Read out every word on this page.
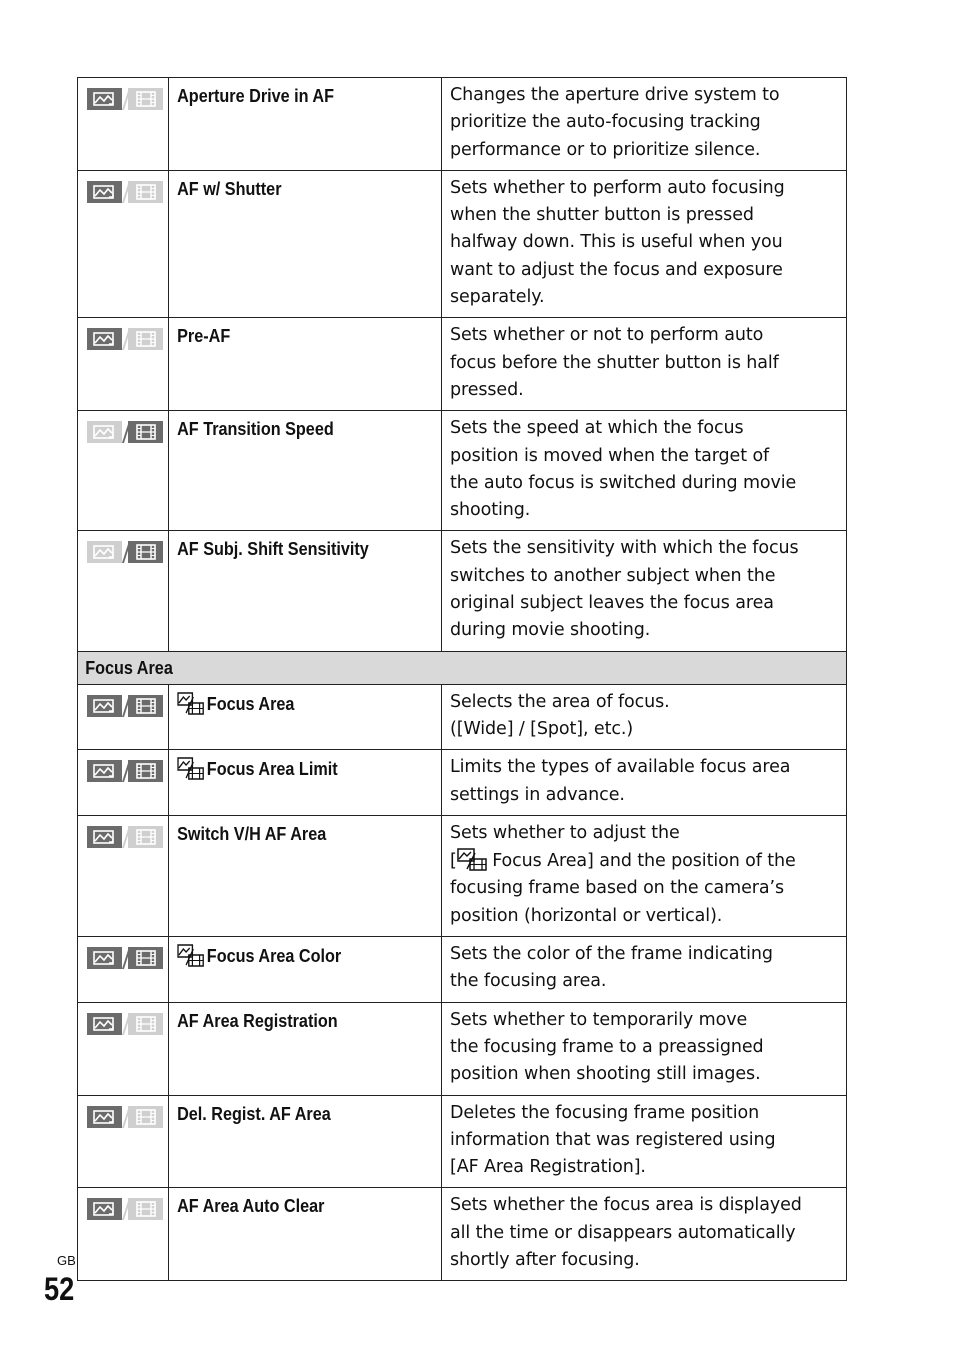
Aperture Drive in AF	Changes the aperture drive system to
prioritize the auto-focusing tracking
performance or to prioritize silence.

AF w/ Shutter	Sets whether to perform auto focusing
when the shutter button is pressed
halfway down. This is useful when you
want to adjust the focus and exposure
separately.

Pre-AF	Sets whether or not to perform auto
focus before the shutter button is half
pressed.

AF Transition Speed	Sets the speed at which the focus
position is moved when the target of
the auto focus is switched during movie
shooting.

AF Subj. Shift Sensitivity	Sets the sensitivity with which the focus
switches to another subject when the
original subject leaves the focus area
during movie shooting.

Focus Area		

Focus Area	Selects the area of focus.
([Wide] / [Spot], etc.)

Focus Area Limit	Limits the types of available focus area
settings in advance.

Switch V/H AF Area	Sets whether to adjust the
[ Focus Area] and the position of the
focusing frame based on the camera’s
position (horizontal or vertical).

Focus Area Color	Sets the color of the frame indicating
the focusing area.

AF Area Registration	Sets whether to temporarily move
the focusing frame to a preassigned
position when shooting still images.

Del. Regist. AF Area	Deletes the focusing frame position
information that was registered using
[AF Area Registration].

AF Area Auto Clear	Sets whether the focus area is displayed
all the time or disappears automatically
shortly after focusing.
GB
52
